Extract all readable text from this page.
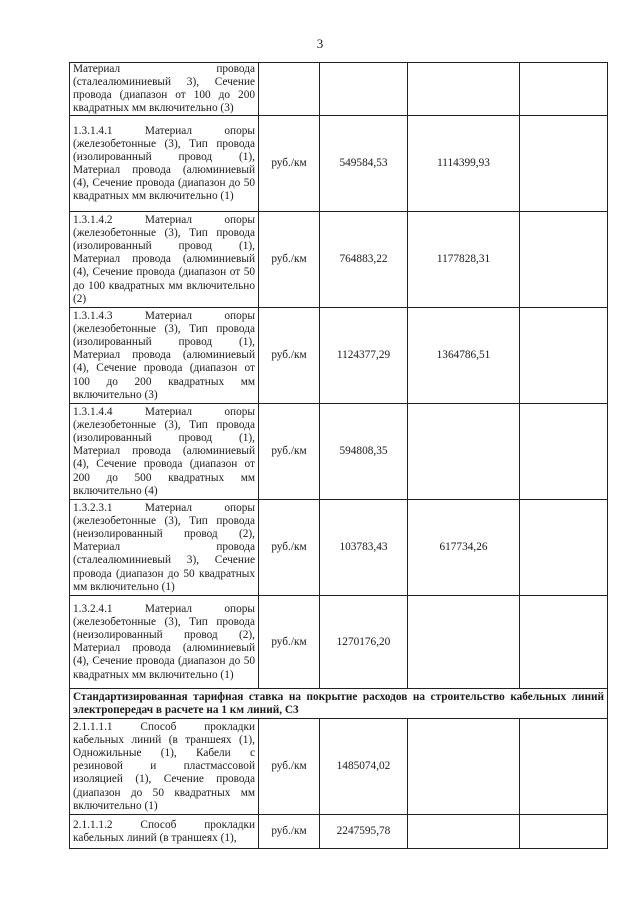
3
Материал провода (сталеалюминиевый 3), Сечение провода (диапазон от 100 до 200 квадратных мм включительно (3)				
1.3.1.4.1 Материал опоры (железобетонные (3), Тип провода (изолированный провод (1), Материал провода (алюминиевый (4), Сечение провода (диапазон до 50 квадратных мм включительно (1)	руб./км	549584,53	1114399,93	
1.3.1.4.2 Материал опоры (железобетонные (3), Тип провода (изолированный провод (1), Материал провода (алюминиевый (4), Сечение провода (диапазон от 50 до 100 квадратных мм включительно (2)	руб./км	764883,22	1177828,31	
1.3.1.4.3 Материал опоры (железобетонные (3), Тип провода (изолированный провод (1), Материал провода (алюминиевый (4), Сечение провода (диапазон от 100 до 200 квадратных мм включительно (3)	руб./км	1124377,29	1364786,51	
1.3.1.4.4 Материал опоры (железобетонные (3), Тип провода (изолированный провод (1), Материал провода (алюминиевый (4), Сечение провода (диапазон от 200 до 500 квадратных мм включительно (4)	руб./км	594808,35		
1.3.2.3.1 Материал опоры (железобетонные (3), Тип провода (неизолированный провод (2), Материал провода (сталеалюминиевый 3), Сечение провода (диапазон до 50 квадратных мм включительно (1)	руб./км	103783,43	617734,26	
1.3.2.4.1 Материал опоры (железобетонные (3), Тип провода (неизолированный провод (2), Материал провода (алюминиевый (4), Сечение провода (диапазон до 50 квадратных мм включительно (1)	руб./км	1270176,20		
Стандартизированная тарифная ставка на покрытие расходов на строительство кабельных линий электропередач в расчете на 1 км линий, С3				
2.1.1.1.1 Способ прокладки кабельных линий (в траншеях (1), Одножильные (1), Кабели с резиновой и пластмассовой изоляцией (1), Сечение провода (диапазон до 50 квадратных мм включительно (1)	руб./км	1485074,02		
2.1.1.1.2 Способ прокладки кабельных линий (в траншеях (1),	руб./км	2247595,78		
